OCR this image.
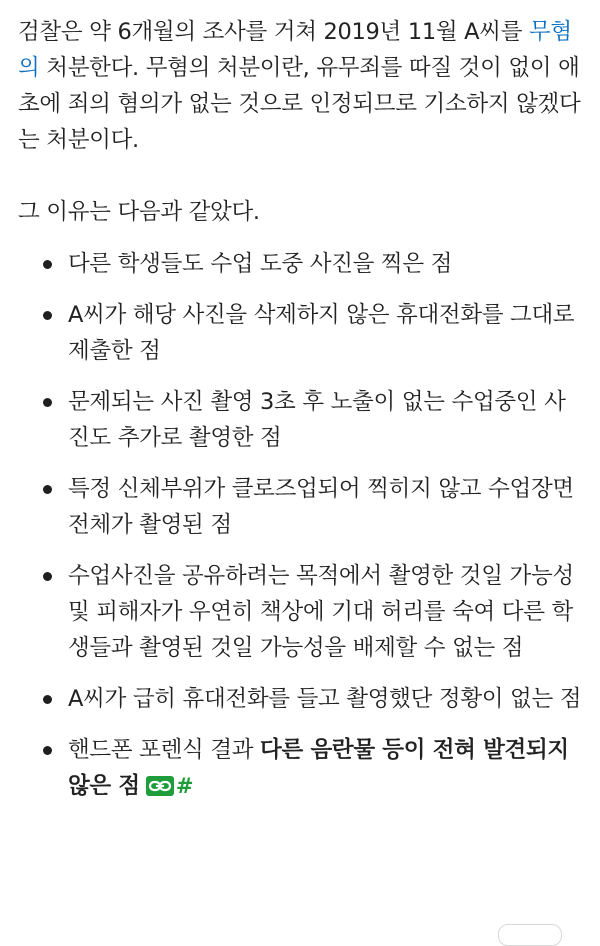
검찰은 약 6개월의 조사를 거쳐 2019년 11월 A씨를 무혐의 처분한다. 무혐의 처분이란, 유무죄를 따질 것이 없이 애초에 죄의 혐의가 없는 것으로 인정되므로 기소하지 않겠다는 처분이다.

그 이유는 다음과 같았다.

다른 학생들도 수업 도중 사진을 찍은 점
A씨가 해당 사진을 삭제하지 않은 휴대전화를 그대로 제출한 점
문제되는 사진 촬영 3초 후 노출이 없는 수업중인 사진도 추가로 촬영한 점
특정 신체부위가 클로즈업되어 찍히지 않고 수업장면 전체가 촬영된 점
수업사진을 공유하려는 목적에서 촬영한 것일 가능성 및 피해자가 우연히 책상에 기대 허리를 숙여 다른 학생들과 촬영된 것일 가능성을 배제할 수 없는 점
A씨가 급히 휴대전화를 들고 촬영했단 정황이 없는 점
핸드폰 포렌식 결과 다른 음란물 등이 전혀 발견되지 않은 점 #
